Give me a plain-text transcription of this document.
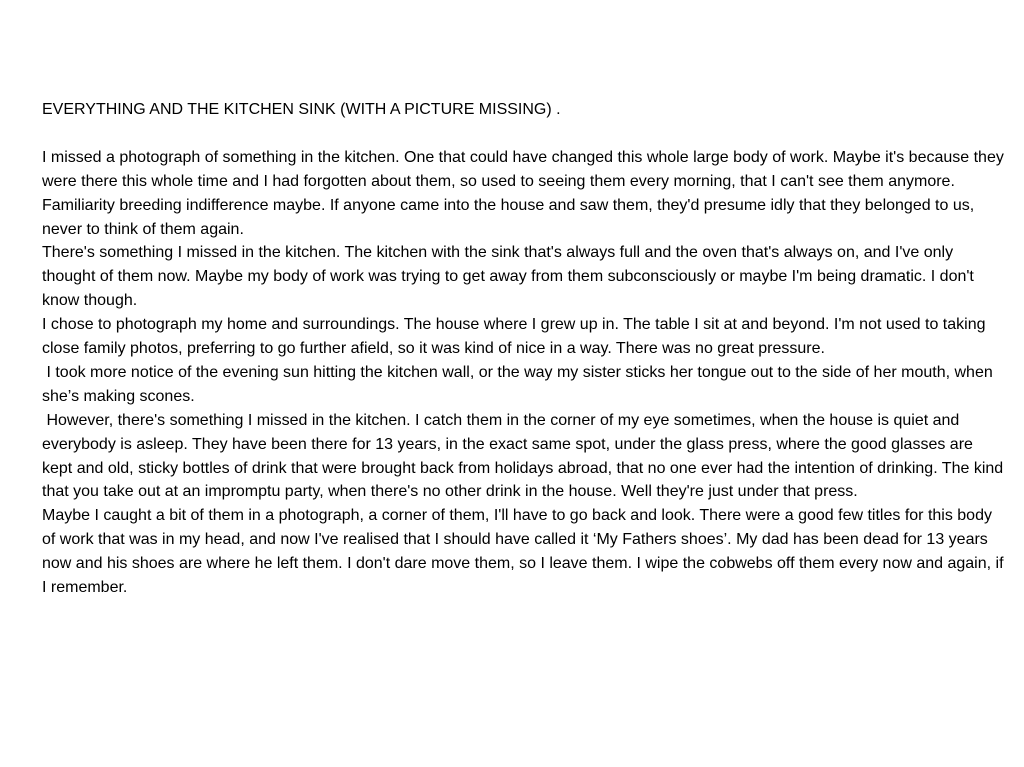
EVERYTHING AND THE KITCHEN SINK (WITH A PICTURE MISSING) .

I missed a photograph of something in the kitchen. One that could have changed this whole large body of work. Maybe it's because they were there this whole time and I had forgotten about them, so used to seeing them every morning, that I can't see them anymore. Familiarity breeding indifference maybe. If anyone came into the house and saw them, they'd presume idly that they belonged to us, never to think of them again.

There's something I missed in the kitchen. The kitchen with the sink that's always full and the oven that's always on, and I've only thought of them now. Maybe my body of work was trying to get away from them subconsciously or maybe I'm being dramatic. I don't know though.

I chose to photograph my home and surroundings. The house where I grew up in. The table I sit at and beyond. I'm not used to taking close family photos, preferring to go further afield, so it was kind of nice in a way. There was no great pressure.

I took more notice of the evening sun hitting the kitchen wall, or the way my sister sticks her tongue out to the side of her mouth, when she’s making scones.

However, there's something I missed in the kitchen. I catch them in the corner of my eye sometimes, when the house is quiet and everybody is asleep. They have been there for 13 years, in the exact same spot, under the glass press, where the good glasses are kept and old, sticky bottles of drink that were brought back from holidays abroad, that no one ever had the intention of drinking. The kind that you take out at an impromptu party, when there's no other drink in the house. Well they're just under that press.

Maybe I caught a bit of them in a photograph, a corner of them, I'll have to go back and look. There were a good few titles for this body of work that was in my head, and now I've realised that I should have called it ‘My Fathers shoes’. My dad has been dead for 13 years now and his shoes are where he left them. I don't dare move them, so I leave them. I wipe the cobwebs off them every now and again, if I remember.
